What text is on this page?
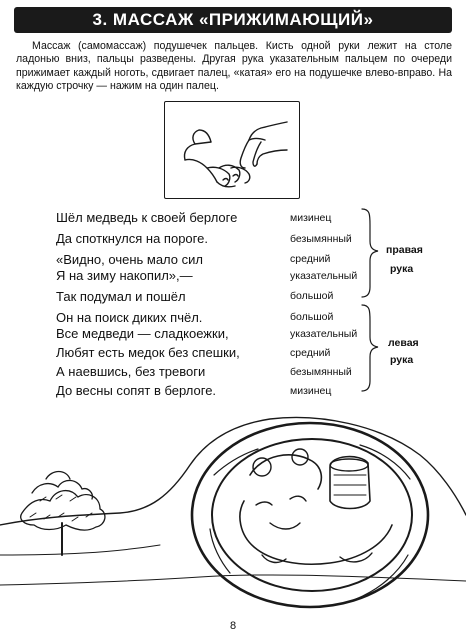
3. МАССАЖ «ПРИЖИМАЮЩИЙ»

Массаж (самомассаж) подушечек пальцев. Кисть одной руки лежит на столе ладонью вниз, пальцы разведены. Другая рука указательным пальцем по очереди прижимает каждый ноготь, сдвигает палец, «катая» его на подушечке влево-вправо. На каждую строчку — нажим на один палец.

Шёл медведь к своей берлоге
Да споткнулся на пороге.
«Видно, очень мало сил
Я на зиму накопил»,—
Так подумал и пошёл
Он на поиск диких пчёл.
Все медведи — сладкоежки,
Любят есть медок без спешки,
А наевшись, без тревоги
До весны сопят в берлоге.
мизинец
безымянный
средний
указательный
большой
большой
указательный
средний
безымянный
мизинец
правая
рука
левая
рука
8
